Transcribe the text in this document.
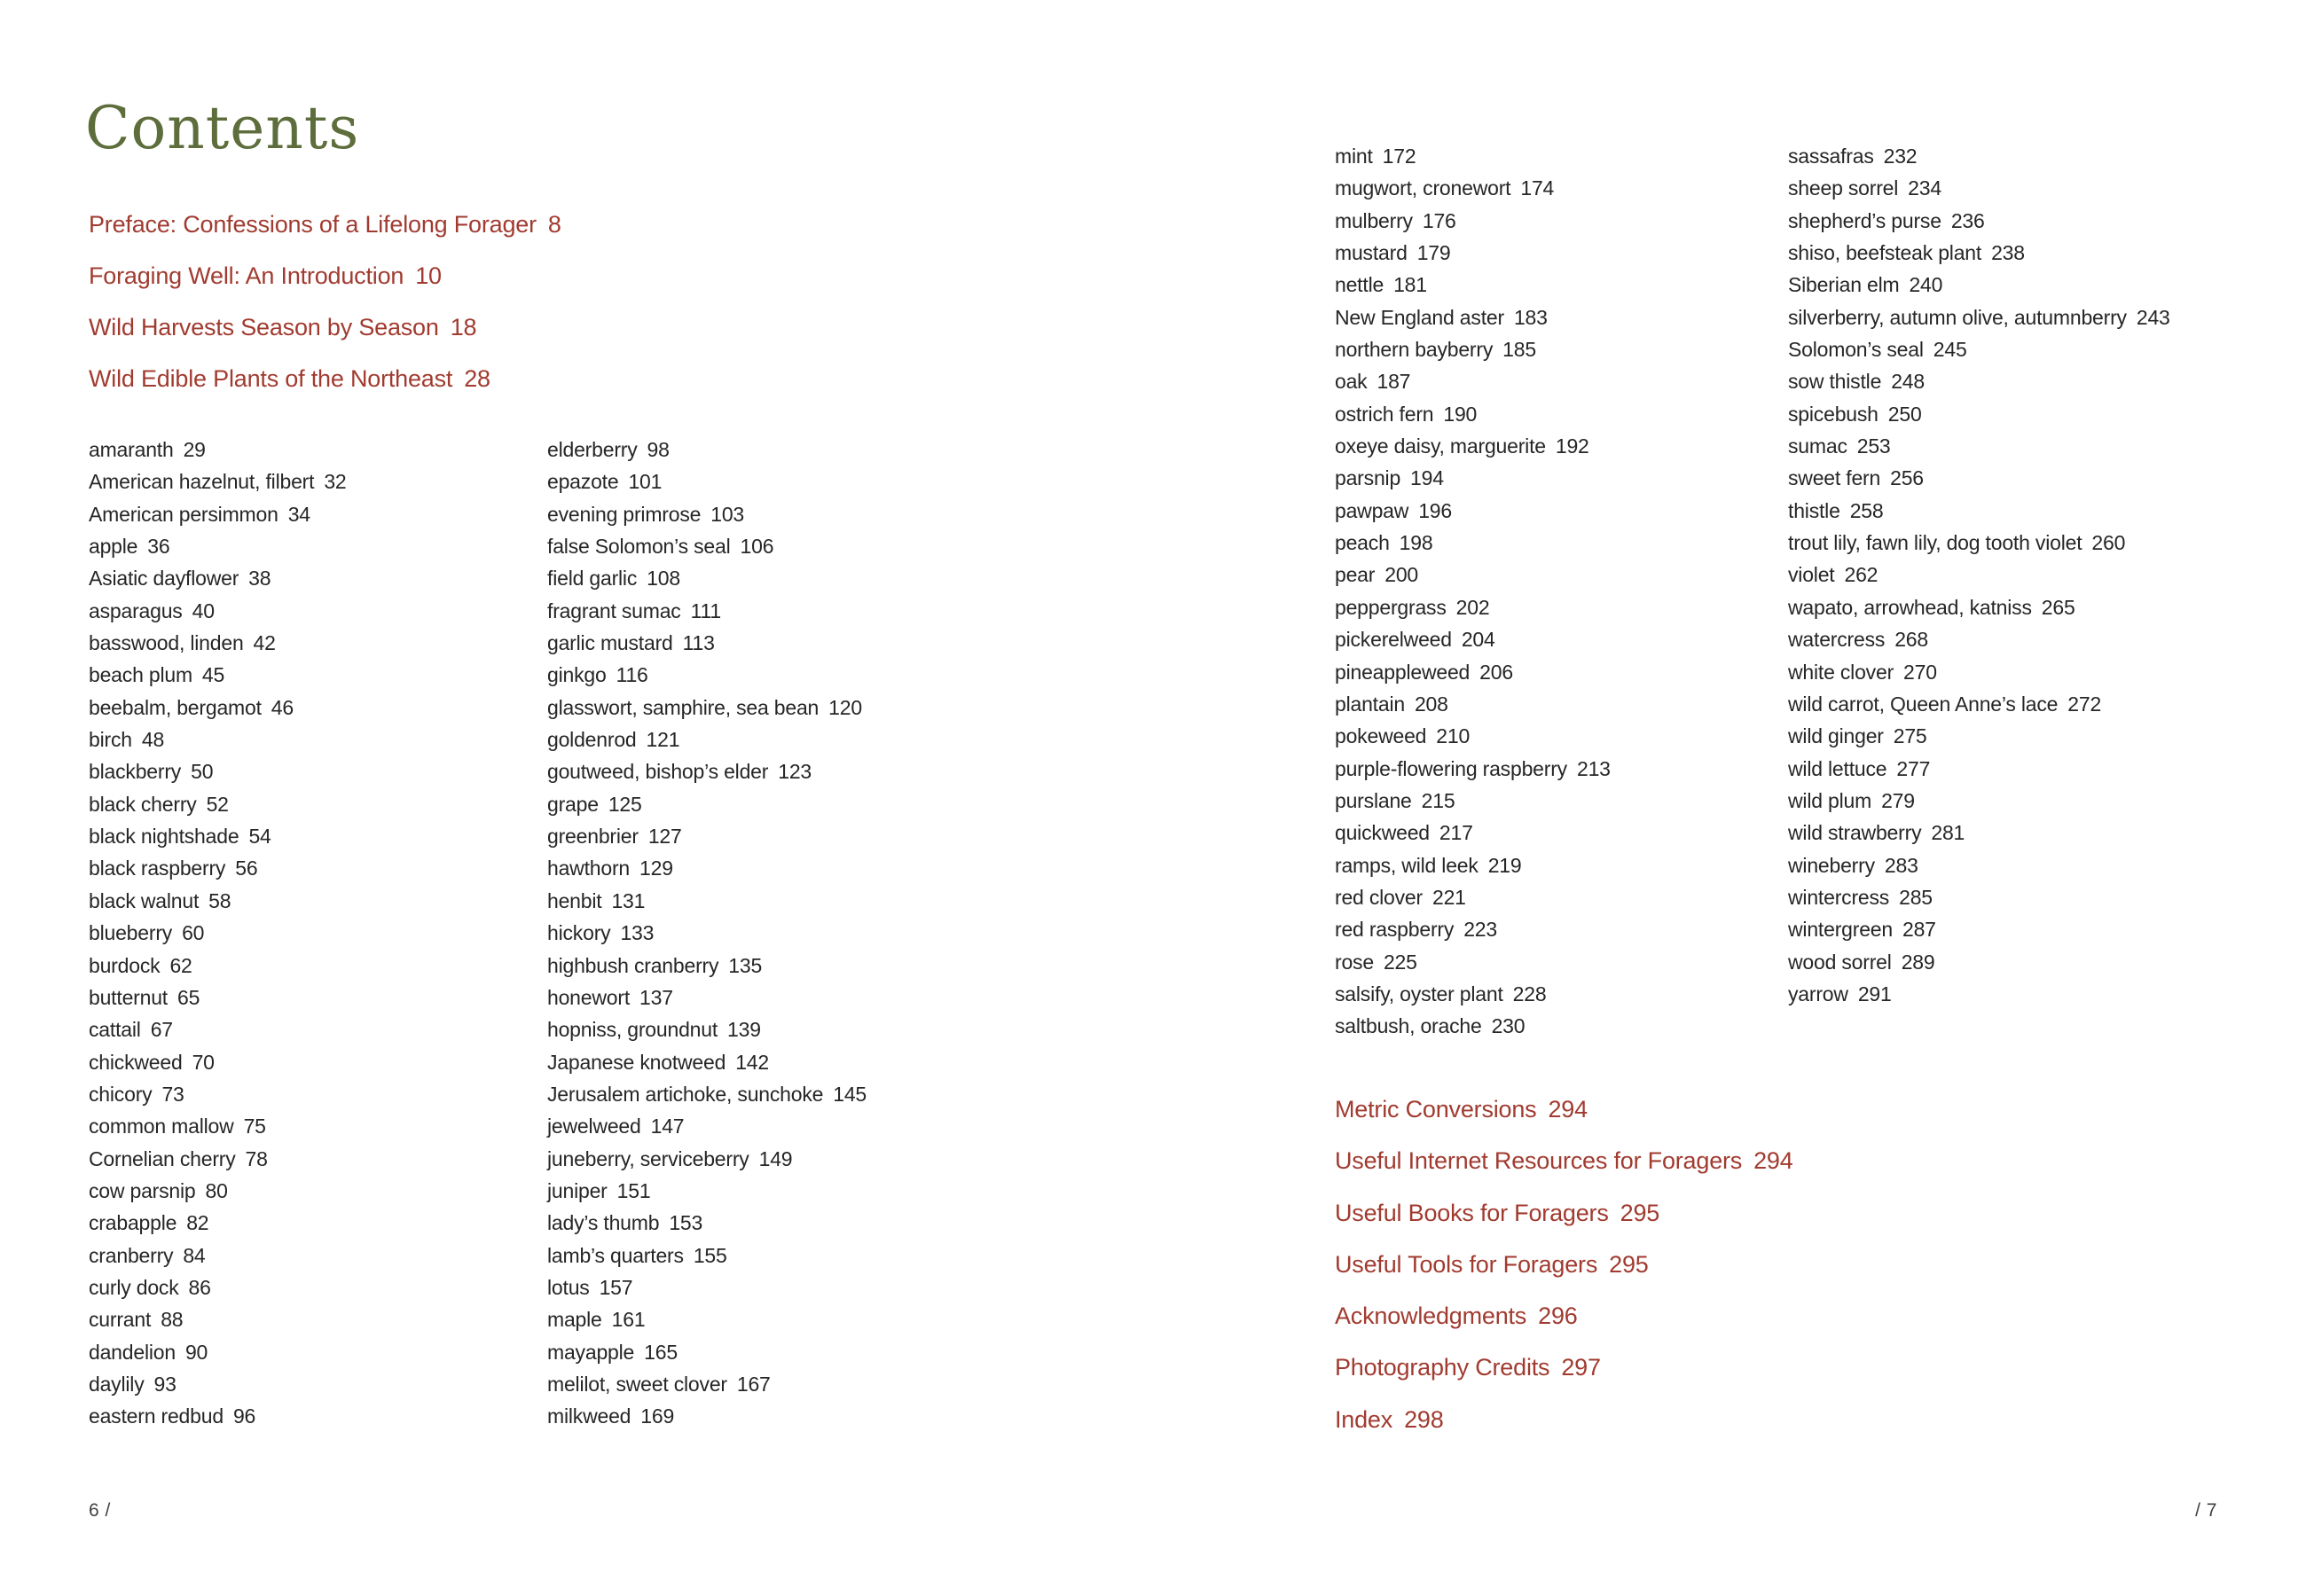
Contents
Preface: Confessions of a Lifelong Forager 8
Foraging Well: An Introduction 10
Wild Harvests Season by Season 18
Wild Edible Plants of the Northeast 28
amaranth 29
American hazelnut, filbert 32
American persimmon 34
apple 36
Asiatic dayflower 38
asparagus 40
basswood, linden 42
beach plum 45
beebalm, bergamot 46
birch 48
blackberry 50
black cherry 52
black nightshade 54
black raspberry 56
black walnut 58
blueberry 60
burdock 62
butternut 65
cattail 67
chickweed 70
chicory 73
common mallow 75
Cornelian cherry 78
cow parsnip 80
crabapple 82
cranberry 84
curly dock 86
currant 88
dandelion 90
daylily 93
eastern redbud 96
elderberry 98
epazote 101
evening primrose 103
false Solomon’s seal 106
field garlic 108
fragrant sumac 111
garlic mustard 113
ginkgo 116
glasswort, samphire, sea bean 120
goldenrod 121
goutweed, bishop’s elder 123
grape 125
greenbrier 127
hawthorn 129
henbit 131
hickory 133
highbush cranberry 135
honewort 137
hopniss, groundnut 139
Japanese knotweed 142
Jerusalem artichoke, sunchoke 145
jewelweed 147
juneberry, serviceberry 149
juniper 151
lady’s thumb 153
lamb’s quarters 155
lotus 157
maple 161
mayapple 165
melilot, sweet clover 167
milkweed 169
6 /
mint 172
mugwort, cronewort 174
mulberry 176
mustard 179
nettle 181
New England aster 183
northern bayberry 185
oak 187
ostrich fern 190
oxeye daisy, marguerite 192
parsnip 194
pawpaw 196
peach 198
pear 200
peppergrass 202
pickerelweed 204
pineappleweed 206
plantain 208
pokeweed 210
purple-flowering raspberry 213
purslane 215
quickweed 217
ramps, wild leek 219
red clover 221
red raspberry 223
rose 225
salsify, oyster plant 228
saltbush, orache 230
sassafras 232
sheep sorrel 234
shepherd’s purse 236
shiso, beefsteak plant 238
Siberian elm 240
silverberry, autumn olive, autumnberry 243
Solomon’s seal 245
sow thistle 248
spicebush 250
sumac 253
sweet fern 256
thistle 258
trout lily, fawn lily, dog tooth violet 260
violet 262
wapato, arrowhead, katniss 265
watercress 268
white clover 270
wild carrot, Queen Anne’s lace 272
wild ginger 275
wild lettuce 277
wild plum 279
wild strawberry 281
wineberry 283
wintercress 285
wintergreen 287
wood sorrel 289
yarrow 291
Metric Conversions 294
Useful Internet Resources for Foragers 294
Useful Books for Foragers 295
Useful Tools for Foragers 295
Acknowledgments 296
Photography Credits 297
Index 298
/ 7
